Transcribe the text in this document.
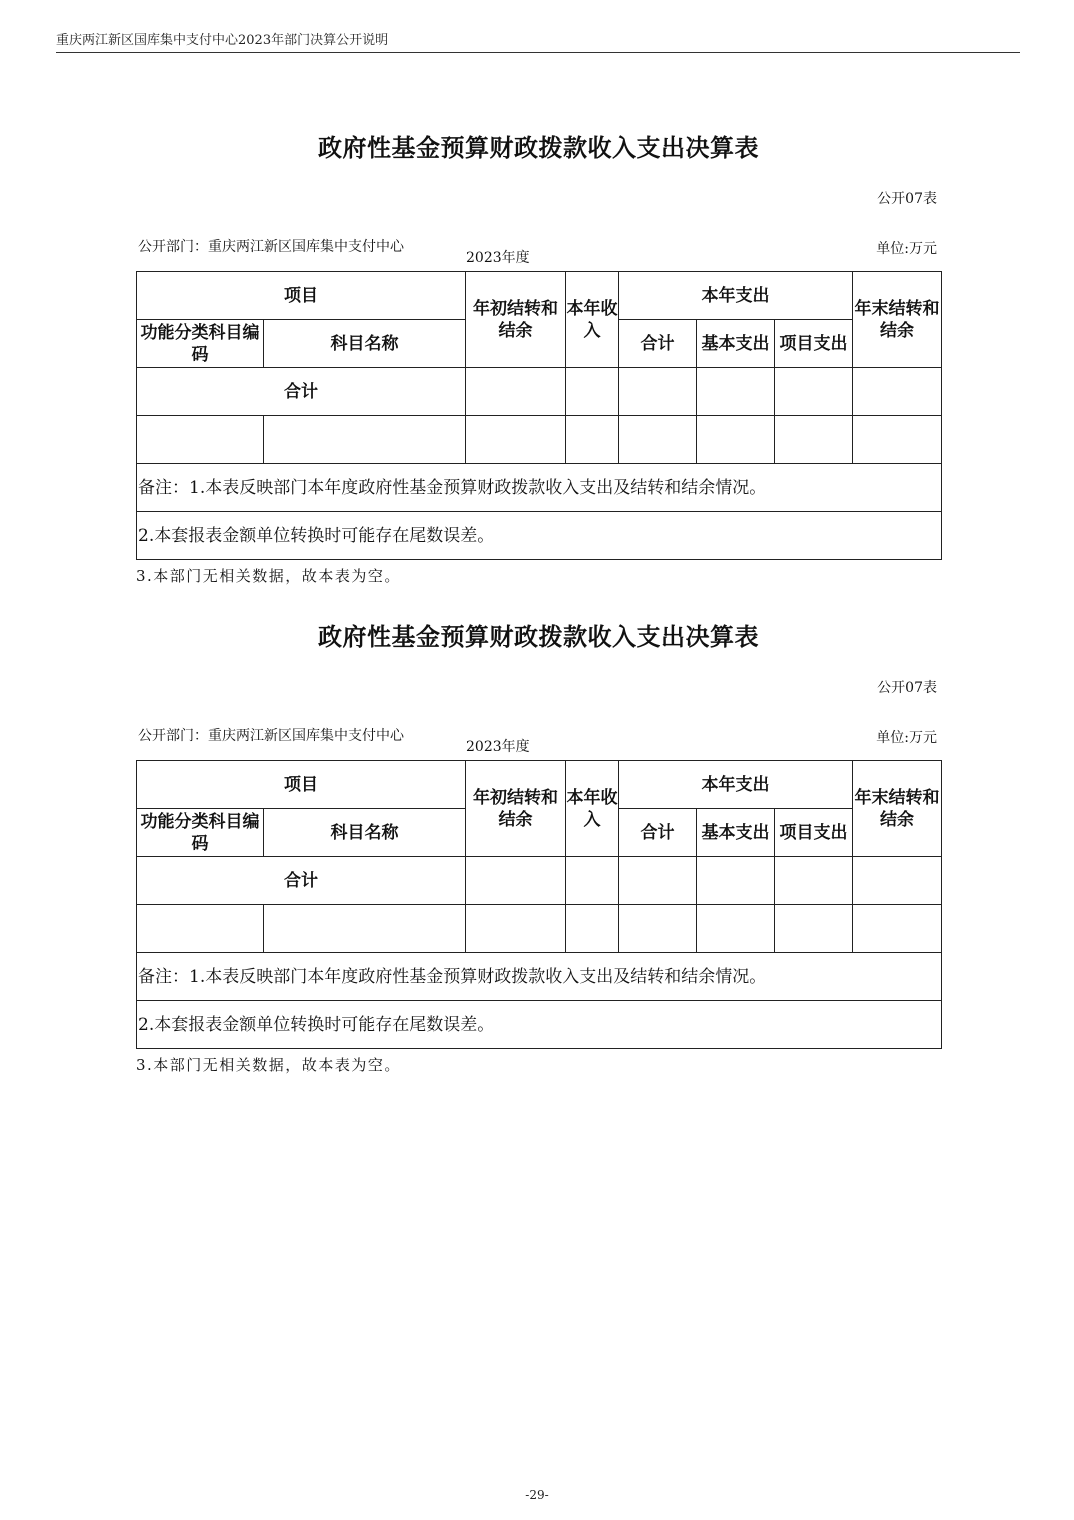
重庆两江新区国库集中支付中心2023年部门决算公开说明
政府性基金预算财政拨款收入支出决算表
公开07表
公开部门：重庆两江新区国库集中支付中心
2023年度
单位:万元
项目		年初结转和结余	本年收入	本年支出			年末结转和结余
功能分类科目编码	科目名称			合计	基本支出	项目支出	
合计							

备注：1.本表反映部门本年度政府性基金预算财政拨款收入支出及结转和结余情况。							
2.本套报表金额单位转换时可能存在尾数误差。							
3.本部门无相关数据，故本表为空。
政府性基金预算财政拨款收入支出决算表
公开07表
公开部门：重庆两江新区国库集中支付中心
2023年度
单位:万元
项目		年初结转和结余	本年收入	本年支出			年末结转和结余
功能分类科目编码	科目名称			合计	基本支出	项目支出	
合计							

备注：1.本表反映部门本年度政府性基金预算财政拨款收入支出及结转和结余情况。							
2.本套报表金额单位转换时可能存在尾数误差。							
3.本部门无相关数据，故本表为空。
-29-
